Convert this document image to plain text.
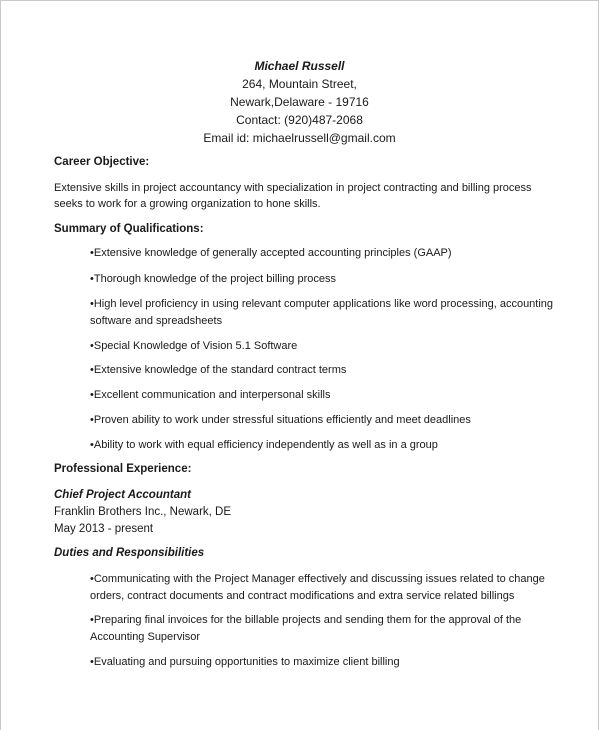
Michael Russell
264, Mountain Street,
Newark,Delaware - 19716
Contact: (920)487-2068
Email id: michaelrussell@gmail.com
Career Objective:
Extensive skills in project accountancy with specialization in project contracting and billing process seeks to work for a growing organization to hone skills.
Summary of Qualifications:
•Extensive knowledge of generally accepted accounting principles (GAAP)
•Thorough knowledge of the project billing process
•High level proficiency in using relevant computer applications like word processing, accounting software and spreadsheets
•Special Knowledge of Vision 5.1 Software
•Extensive knowledge of the standard contract terms
•Excellent communication and interpersonal skills
•Proven ability to work under stressful situations efficiently and meet deadlines
•Ability to work with equal efficiency independently as well as in a group
Professional Experience:
Chief Project Accountant
Franklin Brothers Inc., Newark, DE
May 2013 - present
Duties and Responsibilities
•Communicating with the Project Manager effectively and discussing issues related to change orders, contract documents and contract modifications and extra service related billings
•Preparing final invoices for the billable projects and sending them for the approval of the Accounting Supervisor
•Evaluating and pursuing opportunities to maximize client billing
